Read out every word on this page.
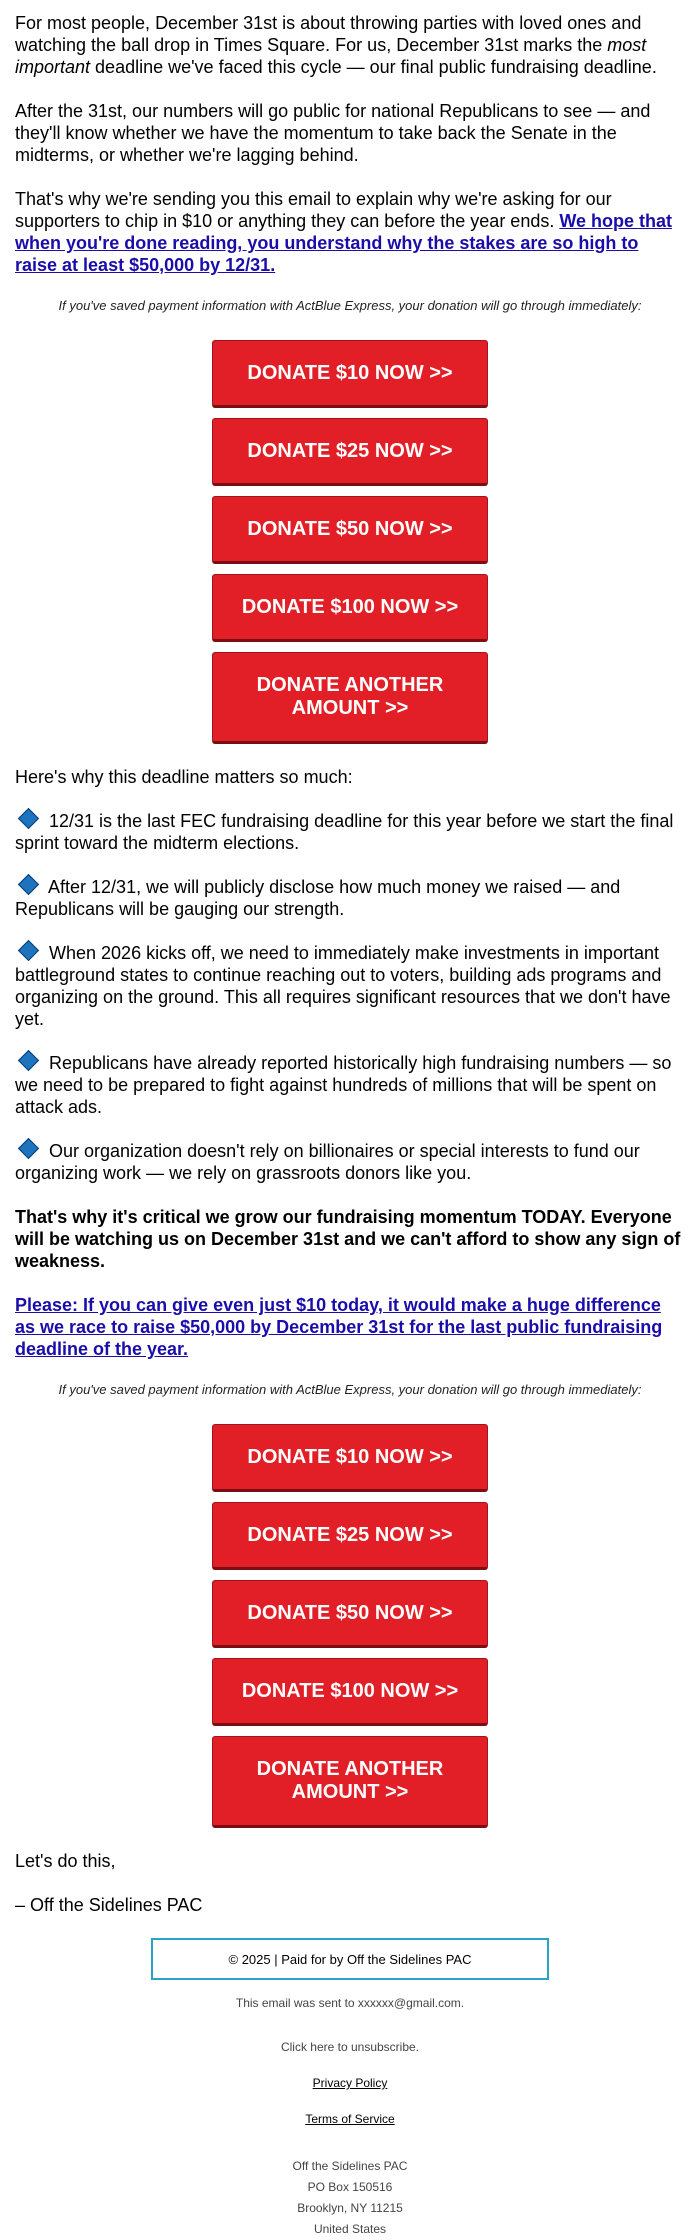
For most people, December 31st is about throwing parties with loved ones and watching the ball drop in Times Square. For us, December 31st marks the most important deadline we've faced this cycle — our final public fundraising deadline.

After the 31st, our numbers will go public for national Republicans to see — and they'll know whether we have the momentum to take back the Senate in the midterms, or whether we're lagging behind.

That's why we're sending you this email to explain why we're asking for our supporters to chip in $10 or anything they can before the year ends. We hope that when you're done reading, you understand why the stakes are so high to raise at least $50,000 by 12/31.

If you've saved payment information with ActBlue Express, your donation will go through immediately:

DONATE $10 NOW >>
DONATE $25 NOW >>
DONATE $50 NOW >>
DONATE $100 NOW >>
DONATE ANOTHER AMOUNT >>

Here's why this deadline matters so much:

12/31 is the last FEC fundraising deadline for this year before we start the final sprint toward the midterm elections.

After 12/31, we will publicly disclose how much money we raised — and Republicans will be gauging our strength.

When 2026 kicks off, we need to immediately make investments in important battleground states to continue reaching out to voters, building ads programs and organizing on the ground. This all requires significant resources that we don't have yet.

Republicans have already reported historically high fundraising numbers — so we need to be prepared to fight against hundreds of millions that will be spent on attack ads.

Our organization doesn't rely on billionaires or special interests to fund our organizing work — we rely on grassroots donors like you.

That's why it's critical we grow our fundraising momentum TODAY. Everyone will be watching us on December 31st and we can't afford to show any sign of weakness.

Please: If you can give even just $10 today, it would make a huge difference as we race to raise $50,000 by December 31st for the last public fundraising deadline of the year.

If you've saved payment information with ActBlue Express, your donation will go through immediately:

DONATE $10 NOW >>
DONATE $25 NOW >>
DONATE $50 NOW >>
DONATE $100 NOW >>
DONATE ANOTHER AMOUNT >>

Let's do this,

– Off the Sidelines PAC

© 2025 | Paid for by Off the Sidelines PAC
This email was sent to xxxxxx@gmail.com.
Click here to unsubscribe.
Privacy Policy
Terms of Service
Off the Sidelines PAC
PO Box 150516
Brooklyn, NY 11215
United States
